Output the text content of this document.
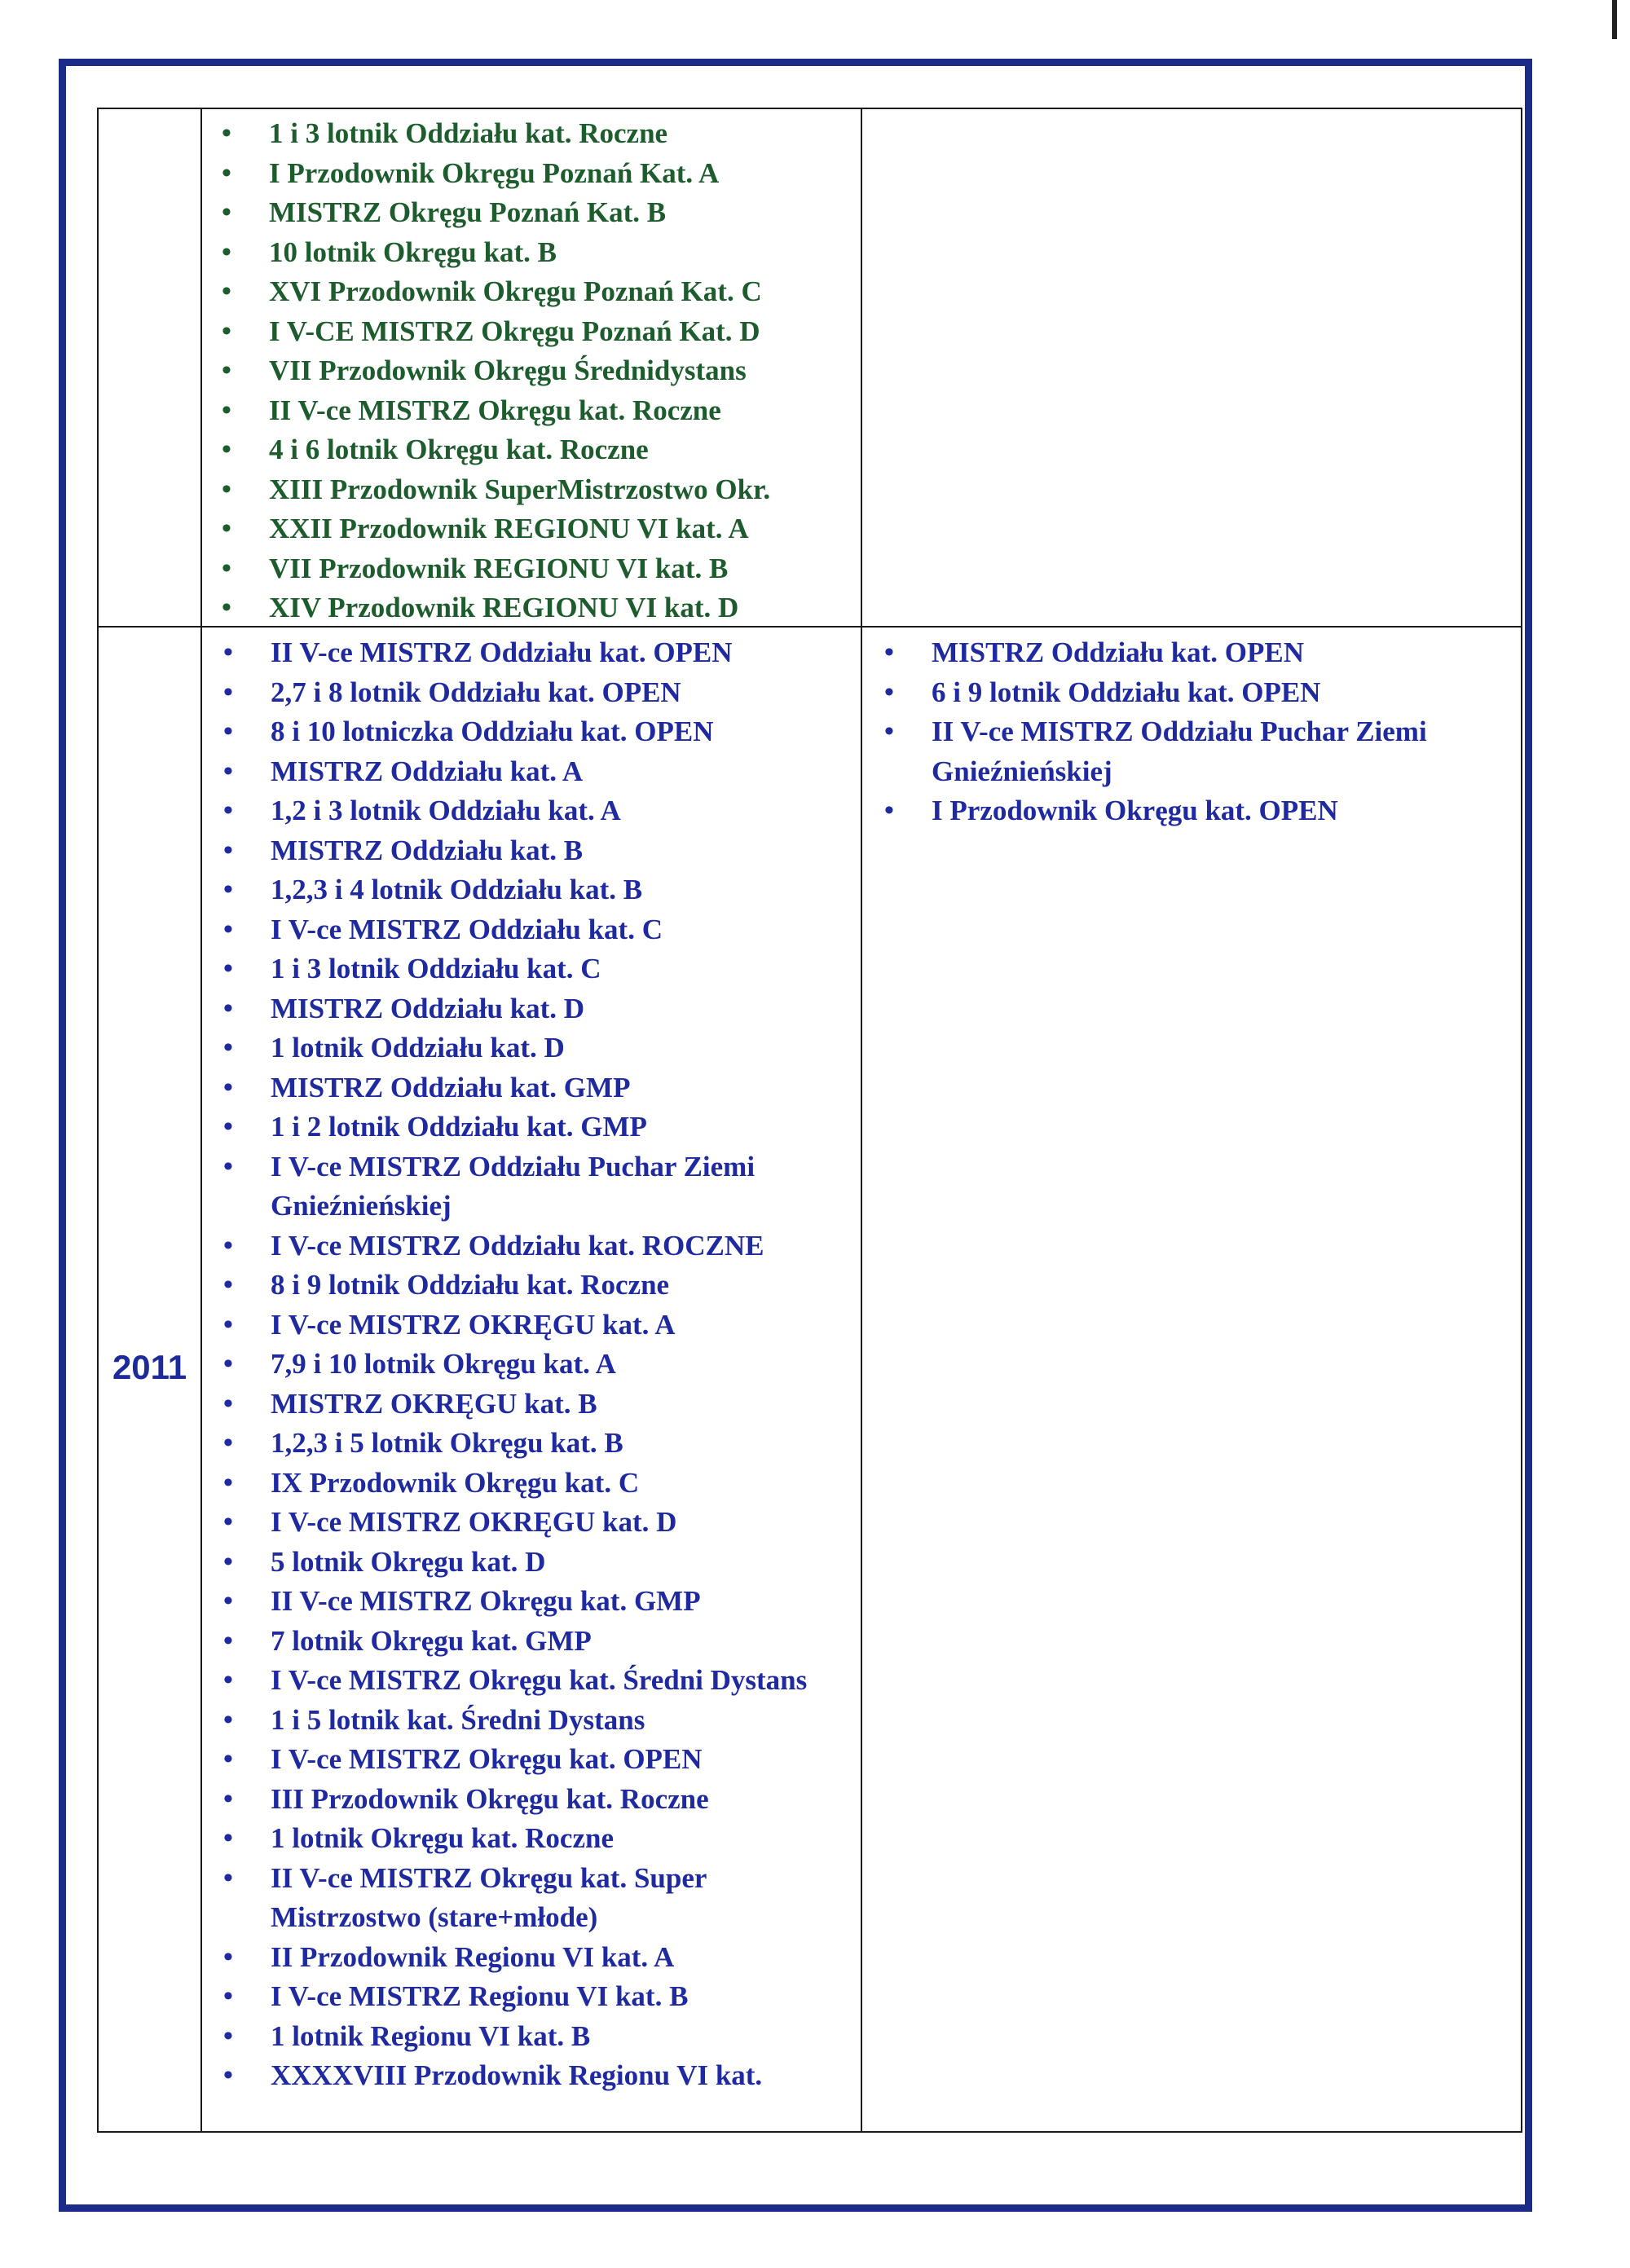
2011
• 1 i 3 lotnik Oddziału kat. Roczne
• I Przodownik Okręgu Poznań Kat. A
• MISTRZ Okręgu Poznań Kat. B
• 10 lotnik Okręgu kat. B
• XVI Przodownik Okręgu Poznań Kat. C
• I V-CE MISTRZ Okręgu Poznań Kat. D
• VII Przodownik Okręgu Średnidystans
• II V-ce MISTRZ Okręgu kat. Roczne
• 4 i 6 lotnik Okręgu kat. Roczne
• XIII Przodownik SuperMistrzostwo Okr.
• XXII Przodownik REGIONU VI kat. A
• VII Przodownik REGIONU VI kat. B
• XIV Przodownik REGIONU VI kat. D
• II V-ce MISTRZ Oddziału kat. OPEN
• 2,7 i 8 lotnik Oddziału kat. OPEN
• 8 i 10 lotniczka Oddziału kat. OPEN
• MISTRZ Oddziału kat. A
• 1,2 i 3 lotnik Oddziału kat. A
• MISTRZ Oddziału kat. B
• 1,2,3 i 4 lotnik Oddziału kat. B
• I V-ce MISTRZ Oddziału kat. C
• 1 i 3 lotnik Oddziału kat. C
• MISTRZ Oddziału kat. D
• 1 lotnik Oddziału kat. D
• MISTRZ Oddziału kat. GMP
• 1 i 2 lotnik Oddziału kat. GMP
• I V-ce MISTRZ Oddziału Puchar Ziemi Gnieźnieńskiej
• I V-ce MISTRZ Oddziału kat. ROCZNE
• 8 i 9 lotnik Oddziału kat. Roczne
• I V-ce MISTRZ OKRĘGU kat. A
• 7,9 i 10 lotnik Okręgu kat. A
• MISTRZ OKRĘGU kat. B
• 1,2,3 i 5 lotnik Okręgu kat. B
• IX Przodownik Okręgu kat. C
• I V-ce MISTRZ OKRĘGU kat. D
• 5 lotnik Okręgu kat. D
• II V-ce MISTRZ Okręgu kat. GMP
• 7 lotnik Okręgu kat. GMP
• I V-ce MISTRZ Okręgu kat. Średni Dystans
• 1 i 5 lotnik kat. Średni Dystans
• I V-ce MISTRZ Okręgu kat. OPEN
• III Przodownik Okręgu kat. Roczne
• 1 lotnik Okręgu kat. Roczne
• II V-ce MISTRZ Okręgu kat. Super Mistrzostwo (stare+młode)
• II Przodownik Regionu VI kat. A
• I V-ce MISTRZ Regionu VI kat. B
• 1 lotnik Regionu VI kat. B
• XXXXVIII Przodownik Regionu VI kat.
• MISTRZ Oddziału kat. OPEN
• 6 i 9 lotnik Oddziału kat. OPEN
• II V-ce MISTRZ Oddziału Puchar Ziemi Gnieźnieńskiej
• I Przodownik Okręgu kat. OPEN
